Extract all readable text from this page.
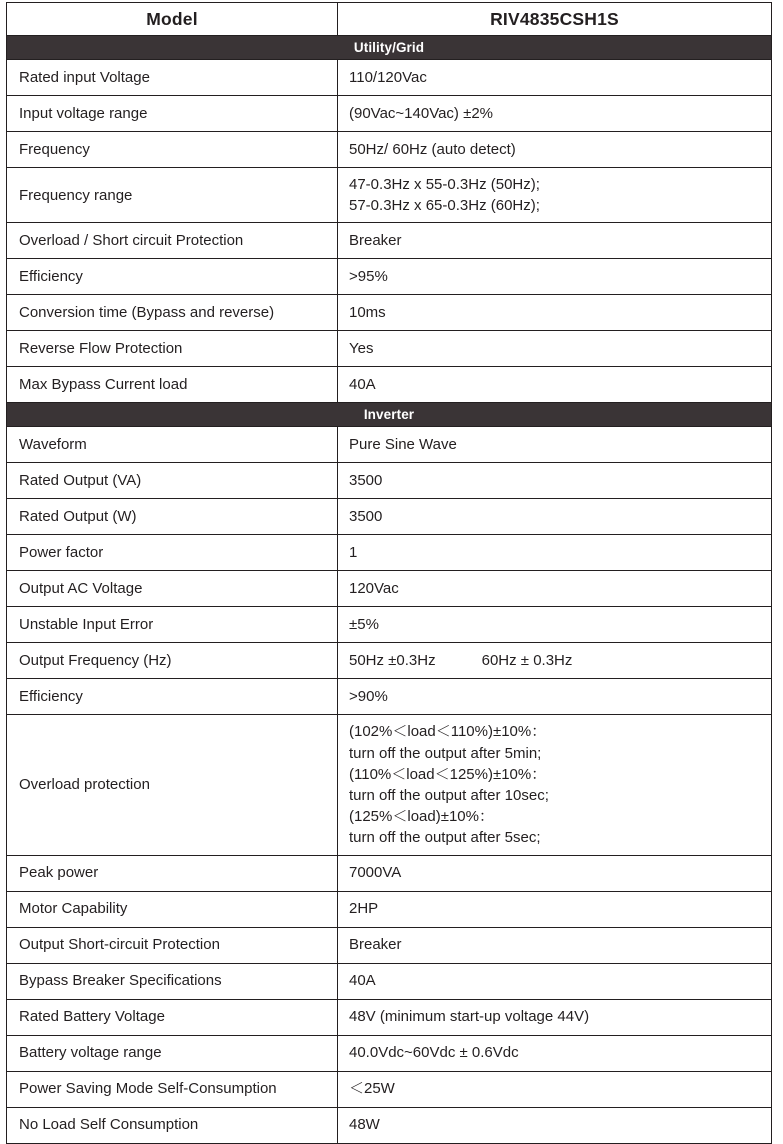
Model	RIV4835CSH1S
Utility/Grid	
Rated input Voltage	110/120Vac

Input voltage range	(90Vac~140Vac) ±2%

Frequency	50Hz/ 60Hz (auto detect)

Frequency range	47-0.3Hz x 55-0.3Hz (50Hz);
57-0.3Hz x 65-0.3Hz (60Hz);

Overload / Short circuit Protection	Breaker

Efficiency	>95%

Conversion time (Bypass and reverse)	10ms

Reverse Flow Protection	Yes

Max Bypass Current load	40A

Inverter	
Waveform	Pure Sine Wave

Rated Output (VA)	3500

Rated Output (W)	3500

Power factor	1

Output AC Voltage	120Vac

Unstable Input Error	±5%

Output Frequency (Hz)	50Hz ±0.3Hz 60Hz ± 0.3Hz
Efficiency	>90%

Overload protection	
(102%＜load＜110%)±10%：
turn off the output after 5min;
(110%＜load＜125%)±10%：
turn off the output after 10sec;
(125%＜load)±10%：
turn off the output after 5sec;

Peak power	7000VA

Motor Capability	2HP

Output Short-circuit Protection	Breaker

Bypass Breaker Specifications	40A

Rated Battery Voltage	48V (minimum start-up voltage 44V)

Battery voltage range	40.0Vdc~60Vdc ± 0.6Vdc

Power Saving Mode Self-Consumption	＜25W

No Load Self Consumption	48W
